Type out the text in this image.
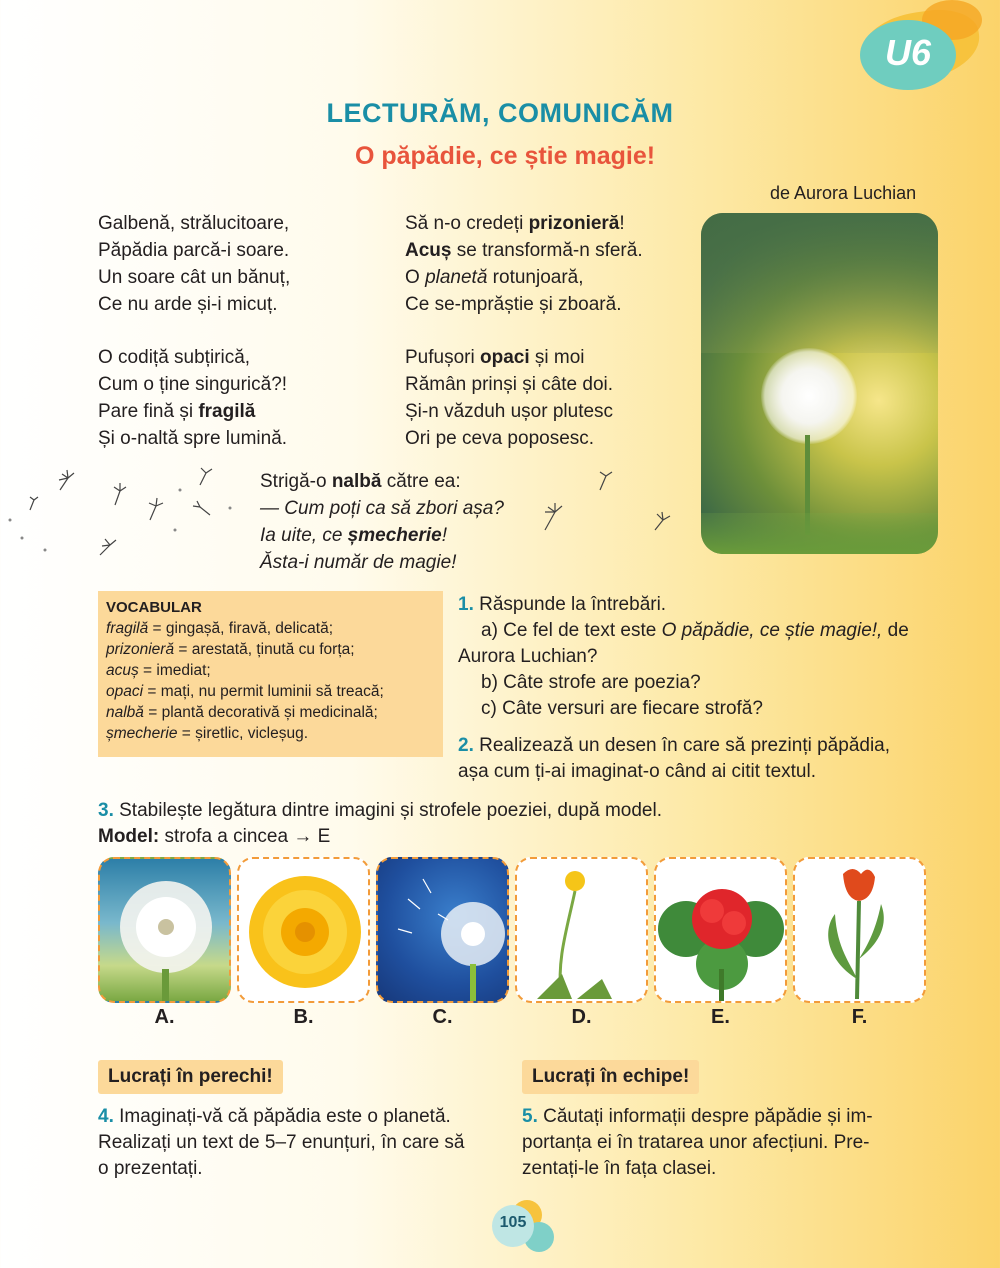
U6
LECTURĂM, COMUNICĂM
O păpădie, ce știe magie!
de Aurora Luchian
Galbenă, strălucitoare,
Păpădia parcă-i soare.
Un soare cât un bănuț,
Ce nu arde și-i micuț.
O codiță subțirică,
Cum o ține singurică?!
Pare fină și fragilă
Și o-naltă spre lumină.
Să n-o credeți prizonieră!
Acuș se transformă-n sferă.
O planetă rotunjoară,
Ce se-mprăștie și zboară.
Pufușori opaci și moi
Rămân prinși și câte doi.
Și-n văzduh ușor plutesc
Ori pe ceva poposesc.
Strigă-o nalbă către ea:
— Cum poți ca să zbori așa?
Ia uite, ce șmecherie!
Ăsta-i număr de magie!
VOCABULAR
fragilă = gingașă, firavă, delicată;
prizonieră = arestată, ținută cu forța;
acuș = imediat;
opaci = mați, nu permit luminii să treacă;
nalbă = plantă decorativă și medicinală;
șmecherie = șiretlic, vicleșug.
1. Răspunde la întrebări.
a) Ce fel de text este O păpădie, ce știe magie!, de
Aurora Luchian?
b) Câte strofe are poezia?
c) Câte versuri are fiecare strofă?
2. Realizează un desen în care să prezinți păpădia,
așa cum ți-ai imaginat-o când ai citit textul.
3. Stabilește legătura dintre imagini și strofele poeziei, după model.
Model: strofa a cincea → E
A.	B.	C.	D.	E.	F.
Lucrați în perechi!	Lucrați în echipe!
4. Imaginați-vă că păpădia este o planetă.
Realizați un text de 5–7 enunțuri, în care să
o prezentați.
5. Căutați informații despre păpădie și im-
portanța ei în tratarea unor afecțiuni. Pre-
zentați-le în fața clasei.
105
